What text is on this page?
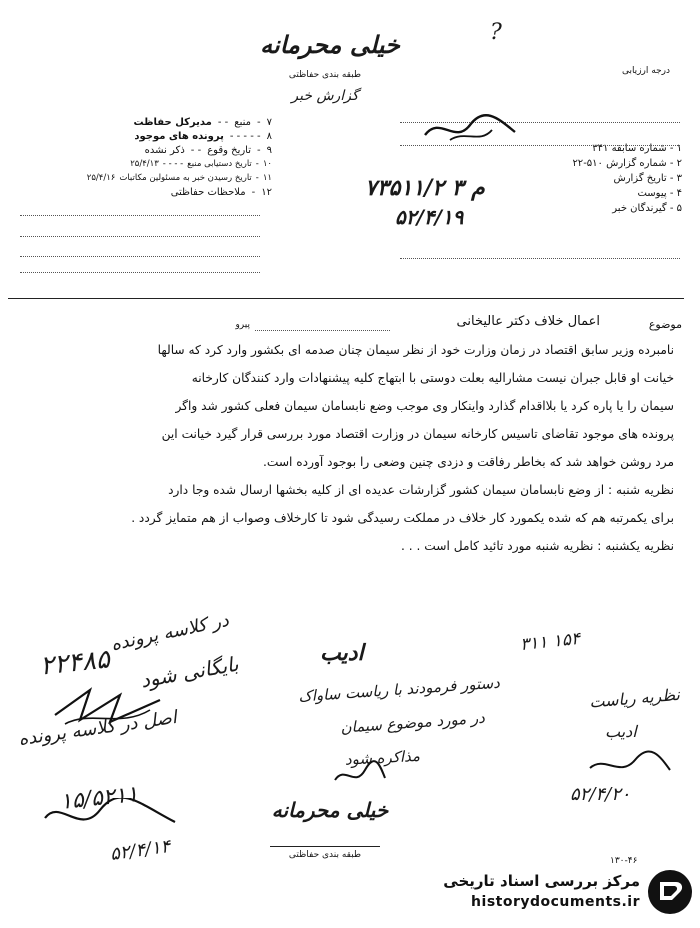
خیلی محرمانه
طبقه بندی حفاظتی
گزارش خبر
?
درجه ارزیابی
۷
-
منبع
- -
مدیرکل حفاظت
۸
- - - - -
پرونده های موجود
۹
-
تاریخ وقوع
- -
ذکر نشده
۱۰
-
تاریخ دستیابی منبع
- - - -
۲۵/۴/۱۳
۱۱
-
تاریخ رسیدن خبر به مسئولین مکاتبات
۲۵/۴/۱۶
۱۲
-
ملاحظات حفاظتی
۱ - شماره سابقه ۳۴۱
۲ - شماره گزارش ۵۱۰-۲۲
۳ - تاریخ گزارش
۴ - پیوست
۵ - گیرندگان خبر
۷۳۵۱۱/۲ م ۳
۵۲/۴/۱۹
موضوع
اعمال خلاف دکتر عالیخانی
پیرو
نامبرده وزیر سابق اقتصاد در زمان وزارت خود از نظر سیمان چنان صدمه ای بکشور وارد کرد که سالها
خیانت او قابل جبران نیست مشارالیه بعلت دوستی با ابتهاج کلیه پیشنهادات وارد کنندگان کارخانه
سیمان را یا پاره کرد یا بلااقدام گذارد واینکار وی موجب وضع نابسامان سیمان فعلی کشور شد واگر
پرونده های موجود تقاضای تاسیس کارخانه سیمان در وزارت اقتصاد مورد بررسی قرار گیرد خیانت این
مرد روشن خواهد شد که بخاطر رفاقت و دزدی چنین وضعی را بوجود آورده است.
نظریه شنبه : از وضع نابسامان سیمان کشور گزارشات عدیده ای از کلیه بخشها ارسال شده وجا دارد
برای یکمرتبه هم که شده یکمورد کار خلاف در مملکت رسیدگی شود تا کارخلاف وصواب از هم متمایز گردد .
نظریه یکشنبه : نظریه شنبه مورد تائید کامل است . . .
در کلاسه پرونده
۲۲۴۸۵ بایگانی شود
اصل در کلاسه پرونده
۱۵/۵۲۱۱
۵۲/۴/۱۴
ادیب
دستور فرمودند با ریاست ساواک
در مورد موضوع سیمان
مذاکره شود
۳۱۱ ۱۵۴
نظریه ریاست
ادیب
۵۲/۴/۲۰
خیلی محرمانه
طبقه بندی حفاظتی
۱۳۰-۴۶
مرکز بررسی اسناد تاریخی
historydocuments.ir
